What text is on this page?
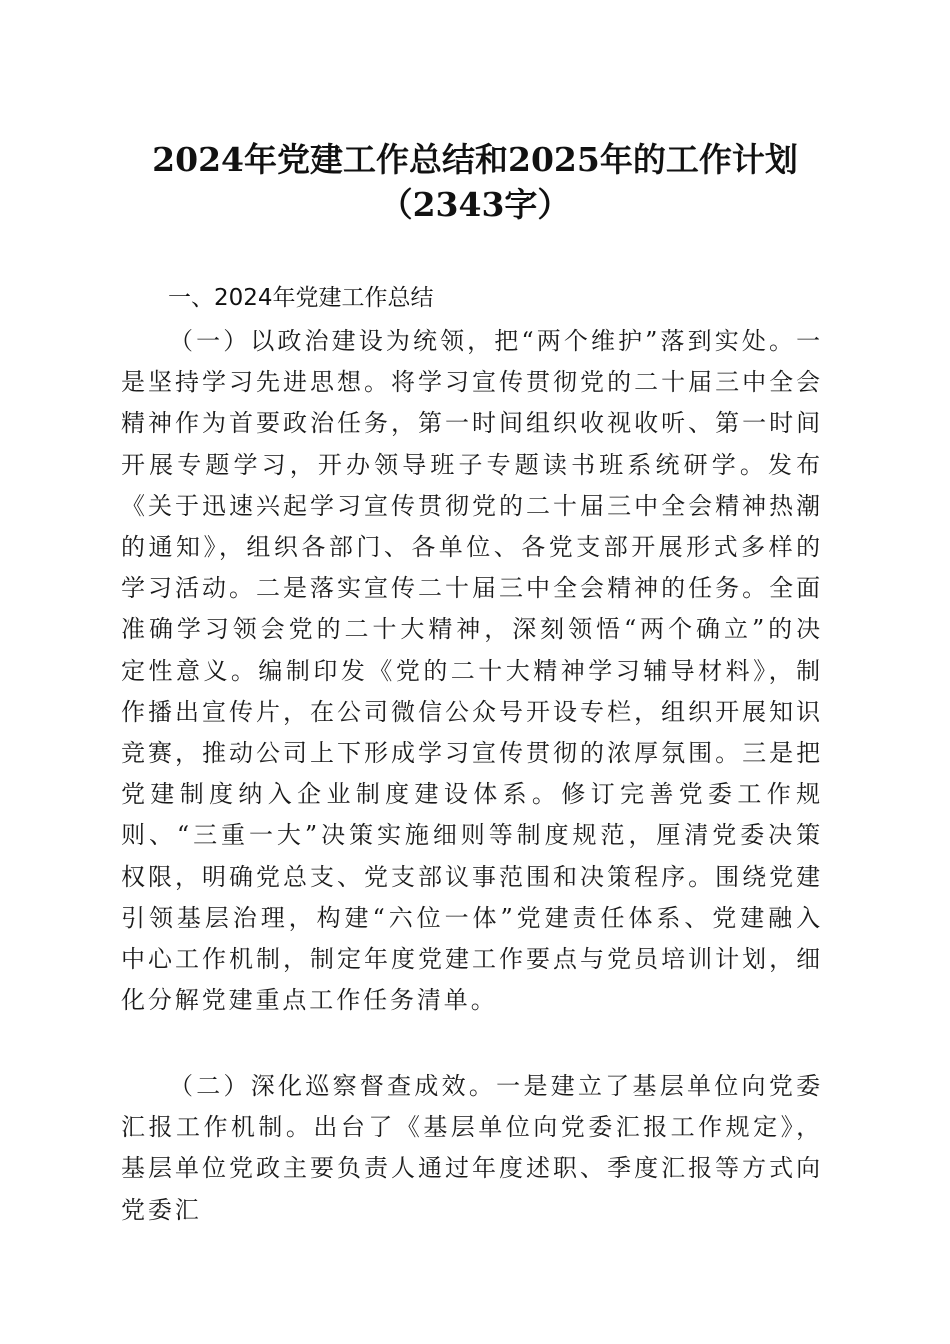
2024年党建工作总结和2025年的工作计划
（2343字）
一、2024年党建工作总结
（一）以政治建设为统领，把“两个维护”落到实处。一是坚持学习先进思想。将学习宣传贯彻党的二十届三中全会精神作为首要政治任务，第一时间组织收视收听、第一时间开展专题学习，开办领导班子专题读书班系统研学。发布《关于迅速兴起学习宣传贯彻党的二十届三中全会精神热潮的通知》，组织各部门、各单位、各党支部开展形式多样的学习活动。二是落实宣传二十届三中全会精神的任务。全面准确学习领会党的二十大精神，深刻领悟“两个确立”的决定性意义。编制印发《党的二十大精神学习辅导材料》，制作播出宣传片，在公司微信公众号开设专栏，组织开展知识竞赛，推动公司上下形成学习宣传贯彻的浓厚氛围。三是把党建制度纳入企业制度建设体系。修订完善党委工作规则、“三重一大”决策实施细则等制度规范，厘清党委决策权限，明确党总支、党支部议事范围和决策程序。围绕党建引领基层治理，构建“六位一体”党建责任体系、党建融入中心工作机制，制定年度党建工作要点与党员培训计划，细化分解党建重点工作任务清单。
（二）深化巡察督查成效。一是建立了基层单位向党委汇报工作机制。出台了《基层单位向党委汇报工作规定》，基层单位党政主要负责人通过年度述职、季度汇报等方式向党委汇
